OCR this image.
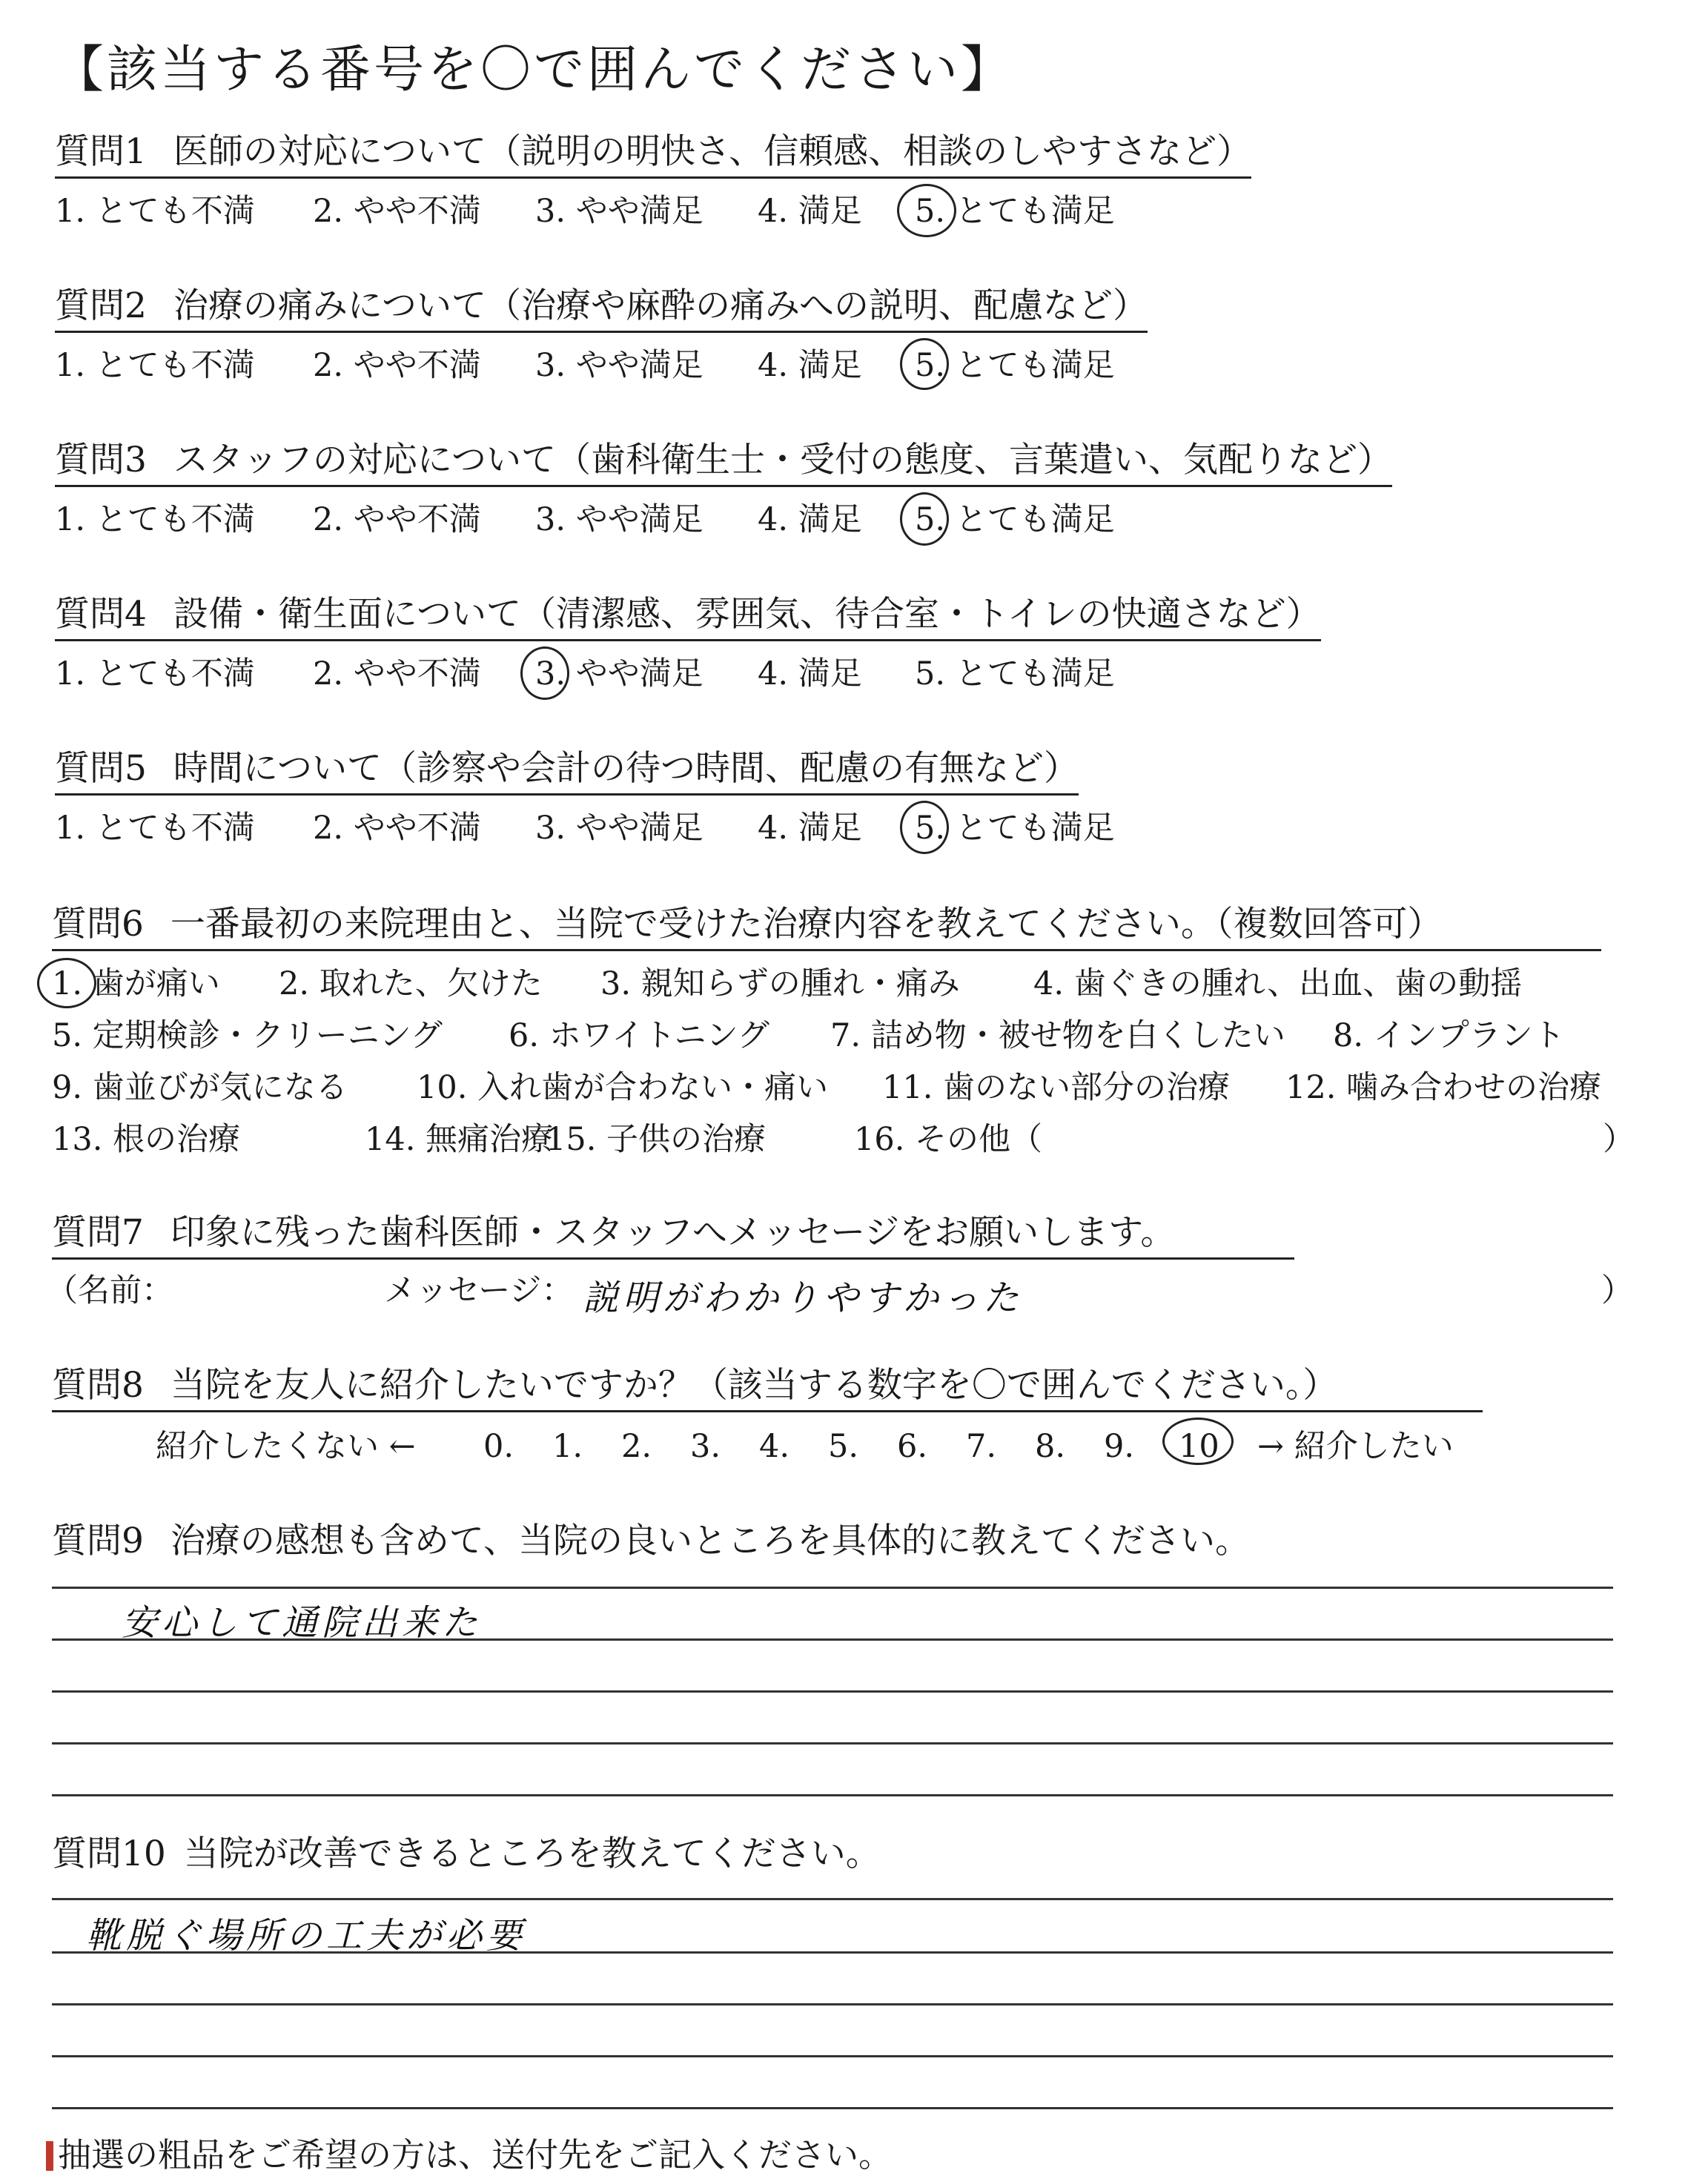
【該当する番号を〇で囲んでください】
質問1 医師の対応について（説明の明快さ、信頼感、相談のしやすさなど）
1. とても不満 2. やや不満 3. やや満足 4. 満足 5. とても満足
質問2 治療の痛みについて（治療や麻酔の痛みへの説明、配慮など）
1. とても不満 2. やや不満 3. やや満足 4. 満足 5. とても満足
質問3 スタッフの対応について（歯科衛生士・受付の態度、言葉遣い、気配りなど）
1. とても不満 2. やや不満 3. やや満足 4. 満足 5. とても満足
質問4 設備・衛生面について（清潔感、雰囲気、待合室・トイレの快適さなど）
1. とても不満 2. やや不満 3. やや満足 4. 満足 5. とても満足
質問5 時間について（診察や会計の待つ時間、配慮の有無など）
1. とても不満 2. やや不満 3. やや満足 4. 満足 5. とても満足
質問6 一番最初の来院理由と、当院で受けた治療内容を教えてください。（複数回答可）
1. 歯が痛い 2. 取れた、欠けた 3. 親知らずの腫れ・痛み 4. 歯ぐきの腫れ、出血、歯の動揺
5. 定期検診・クリーニング 6. ホワイトニング 7. 詰め物・被せ物を白くしたい 8. インプラント
9. 歯並びが気になる 10. 入れ歯が合わない・痛い 11. 歯のない部分の治療 12. 噛み合わせの治療
13. 根の治療	14. 無痛治療
15. 子供の治療	16. その他（	）
質問7 印象に残った歯科医師・スタッフへメッセージをお願いします。
（名前：	メッセージ： 説明がわかりやすかった	）
質問8 当院を友人に紹介したいですか？（該当する数字を〇で囲んでください。）
紹介したくない ← 0. 1. 2. 3. 4. 5. 6. 7. 8. 9. 10 → 紹介したい
質問9 治療の感想も含めて、当院の良いところを具体的に教えてください。
安心して通院出来た
質問10 当院が改善できるところを教えてください。
靴脱ぐ場所の工夫が必要
抽選の粗品をご希望の方は、送付先をご記入ください。
